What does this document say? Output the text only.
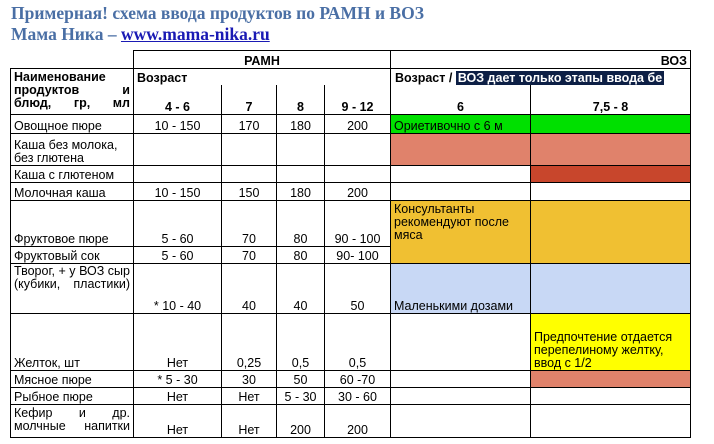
Примерная! схема ввода продуктов по РАМН и ВОЗ
Мама Ника – www.mama-nika.ru
	РАМН				ВОЗ	
Наименование продуктов и блюд, гр, мл	Возраст				Возраст / ВОЗ дает только этапы ввода бе	
	4 - 6	7	8	9 - 12	6	7,5 - 8
Овощное пюре	10 - 150	170	180	200	Ориетивочно с 6 м	
Каша без молока, без глютена						
Каша с глютеном						
Молочная каша	10 - 150	150	180	200		
Фруктовое пюре	5 - 60	70	80	90 - 100	Консультанты рекомендуют после мяса	
Фруктовый сок	5 - 60	70	80	90- 100		
Творог, + у ВОЗ сыр (кубики, пластики)	* 10 - 40	40	40	50	Маленькими дозами	
Желток, шт	Нет	0,25	0,5	0,5		Предпочтение отдается перепелиному желтку, ввод с 1/2
Мясное пюре	* 5 - 30	30	50	60 -70		
Рыбное пюре	Нет	Нет	5 - 30	30 - 60		
Кефир и др. молчные напитки	Нет	Нет	200	200		
